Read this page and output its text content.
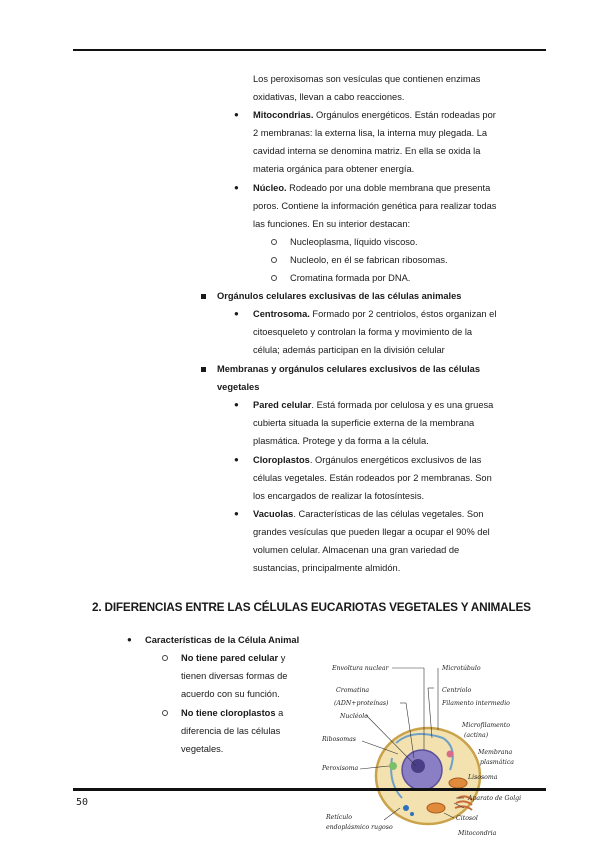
Los peroxisomas son vesículas que contienen enzimas
oxidativas, llevan a cabo reacciones.
● Mitocondrias. Orgánulos energéticos. Están rodeadas por
2 membranas: la externa lisa, la interna muy plegada. La
cavidad interna se denomina matriz. En ella se oxida la
materia orgánica para obtener energía.
● Núcleo. Rodeado por una doble membrana que presenta
poros. Contiene la información genética para realizar todas
las funciones. En su interior destacan:
Nucleoplasma, líquido viscoso.
Nucleolo, en él se fabrican ribosomas.
Cromatina formada por DNA.
Orgánulos celulares exclusivas de las células animales
● Centrosoma. Formado por 2 centriolos, éstos organizan el
citoesqueleto y controlan la forma y movimiento de la
célula; además participan en la división celular
Membranas y orgánulos celulares exclusivos de las células
vegetales
● Pared celular. Está formada por celulosa y es una gruesa
cubierta situada la superficie externa de la membrana
plasmática. Protege y da forma a la célula.
● Cloroplastos. Orgánulos energéticos exclusivos de las
células vegetales. Están rodeados por 2 membranas. Son
los encargados de realizar la fotosíntesis.
● Vacuolas. Características de las células vegetales. Son
grandes vesículas que pueden llegar a ocupar el 90% del
volumen celular. Almacenan una gran variedad de
sustancias, principalmente almidón.
2. DIFERENCIAS ENTRE LAS CÉLULAS EUCARIOTAS VEGETALES Y ANIMALES
● Características de la Célula Animal
No tiene pared celular y
tienen diversas formas de
acuerdo con su función.
No tiene cloroplastos a
diferencia de las células
vegetales.
Envoltura nuclear	Microtúbulo
Cromatina	Centriolo
(ADN+proteínas)	Filamento intermedio
Nucléolo
Microfilamento
(actina)
Ribosomas
Membrana
plasmática
Peroxisoma
Lisosoma
Aparato de Golgi
Retículo
endoplásmico rugoso
Citosol
Mitocondria
50
